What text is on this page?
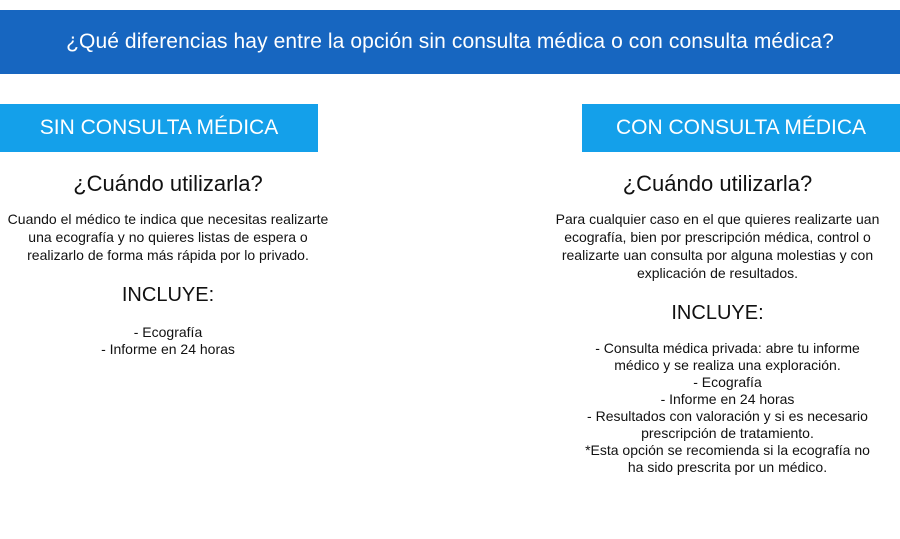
¿Qué diferencias hay entre la opción sin consulta médica o con consulta médica?
SIN CONSULTA MÉDICA	CON CONSULTA MÉDICA
¿Cuándo utilizarla?

Cuando el médico te indica que necesitas realizarte una ecografía y no quieres listas de espera o realizarlo de forma más rápida por lo privado.

INCLUYE:
- Ecografía
- Informe en 24 horas
¿Cuándo utilizarla?

Para cualquier caso en el que quieres realizarte uan ecografía, bien por prescripción médica, control o realizarte uan consulta por alguna molestias y con explicación de resultados.

INCLUYE:
- Consulta médica privada: abre tu informe médico y se realiza una exploración.
- Ecografía
- Informe en 24 horas
- Resultados con valoración y si es necesario prescripción de tratamiento.
*Esta opción se recomienda si la ecografía no ha sido prescrita por un médico.
